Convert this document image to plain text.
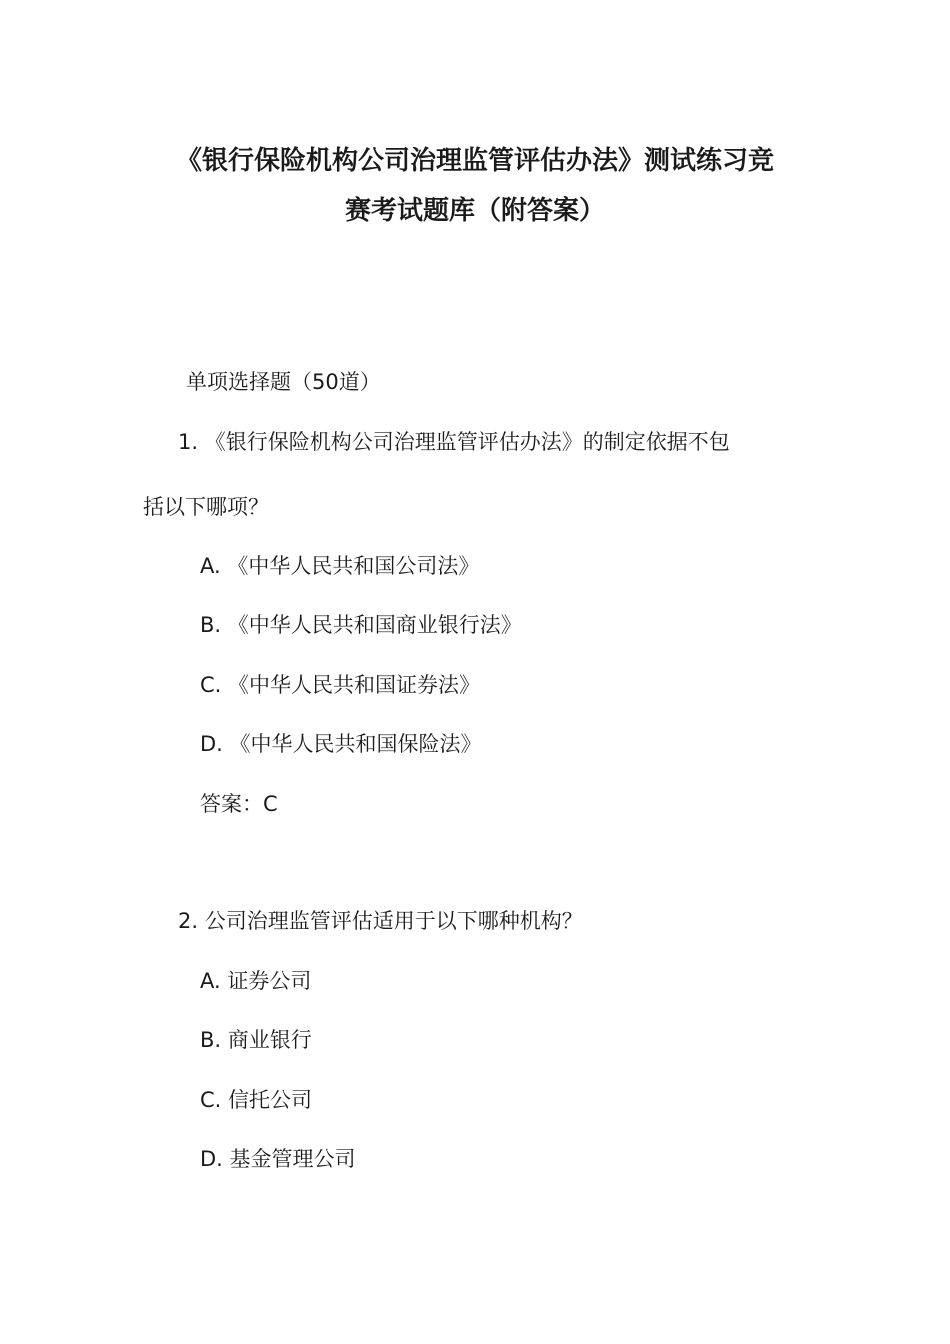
《银行保险机构公司治理监管评估办法》测试练习竞
赛考试题库（附答案）
单项选择题（50道）
1. 《银行保险机构公司治理监管评估办法》的制定依据不包
括以下哪项？
A. 《中华人民共和国公司法》
B. 《中华人民共和国商业银行法》
C. 《中华人民共和国证券法》
D. 《中华人民共和国保险法》
答案：C
2. 公司治理监管评估适用于以下哪种机构？
A. 证券公司
B. 商业银行
C. 信托公司
D. 基金管理公司
